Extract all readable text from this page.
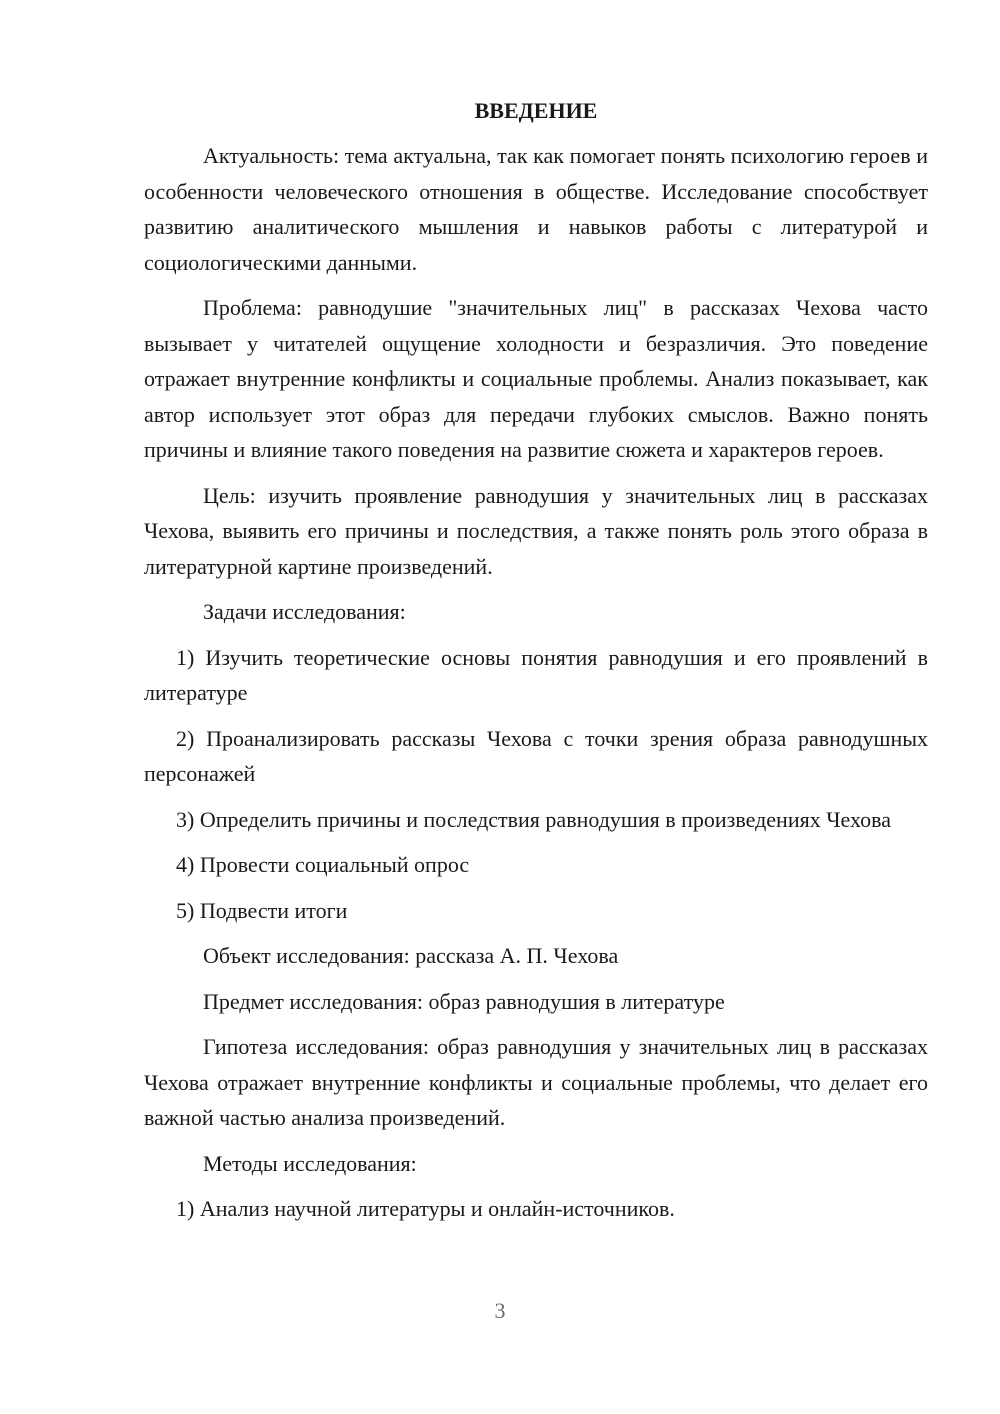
ВВЕДЕНИЕ

Актуальность: тема актуальна, так как помогает понять психологию героев и особенности человеческого отношения в обществе. Исследование способствует развитию аналитического мышления и навыков работы с литературой и социологическими данными.

Проблема: равнодушие "значительных лиц" в рассказах Чехова часто вызывает у читателей ощущение холодности и безразличия. Это поведение отражает внутренние конфликты и социальные проблемы. Анализ показывает, как автор использует этот образ для передачи глубоких смыслов. Важно понять причины и влияние такого поведения на развитие сюжета и характеров героев.

Цель: изучить проявление равнодушия у значительных лиц в рассказах Чехова, выявить его причины и последствия, а также понять роль этого образа в литературной картине произведений.

Задачи исследования:

1) Изучить теоретические основы понятия равнодушия и его проявлений в литературе

2) Проанализировать рассказы Чехова с точки зрения образа равнодушных персонажей

3) Определить причины и последствия равнодушия в произведениях Чехова

4) Провести социальный опрос

5) Подвести итоги

Объект исследования: рассказа А. П. Чехова

Предмет исследования: образ равнодушия в литературе

Гипотеза исследования: образ равнодушия у значительных лиц в рассказах Чехова отражает внутренние конфликты и социальные проблемы, что делает его важной частью анализа произведений.

Методы исследования:

1) Анализ научной литературы и онлайн-источников.

3
